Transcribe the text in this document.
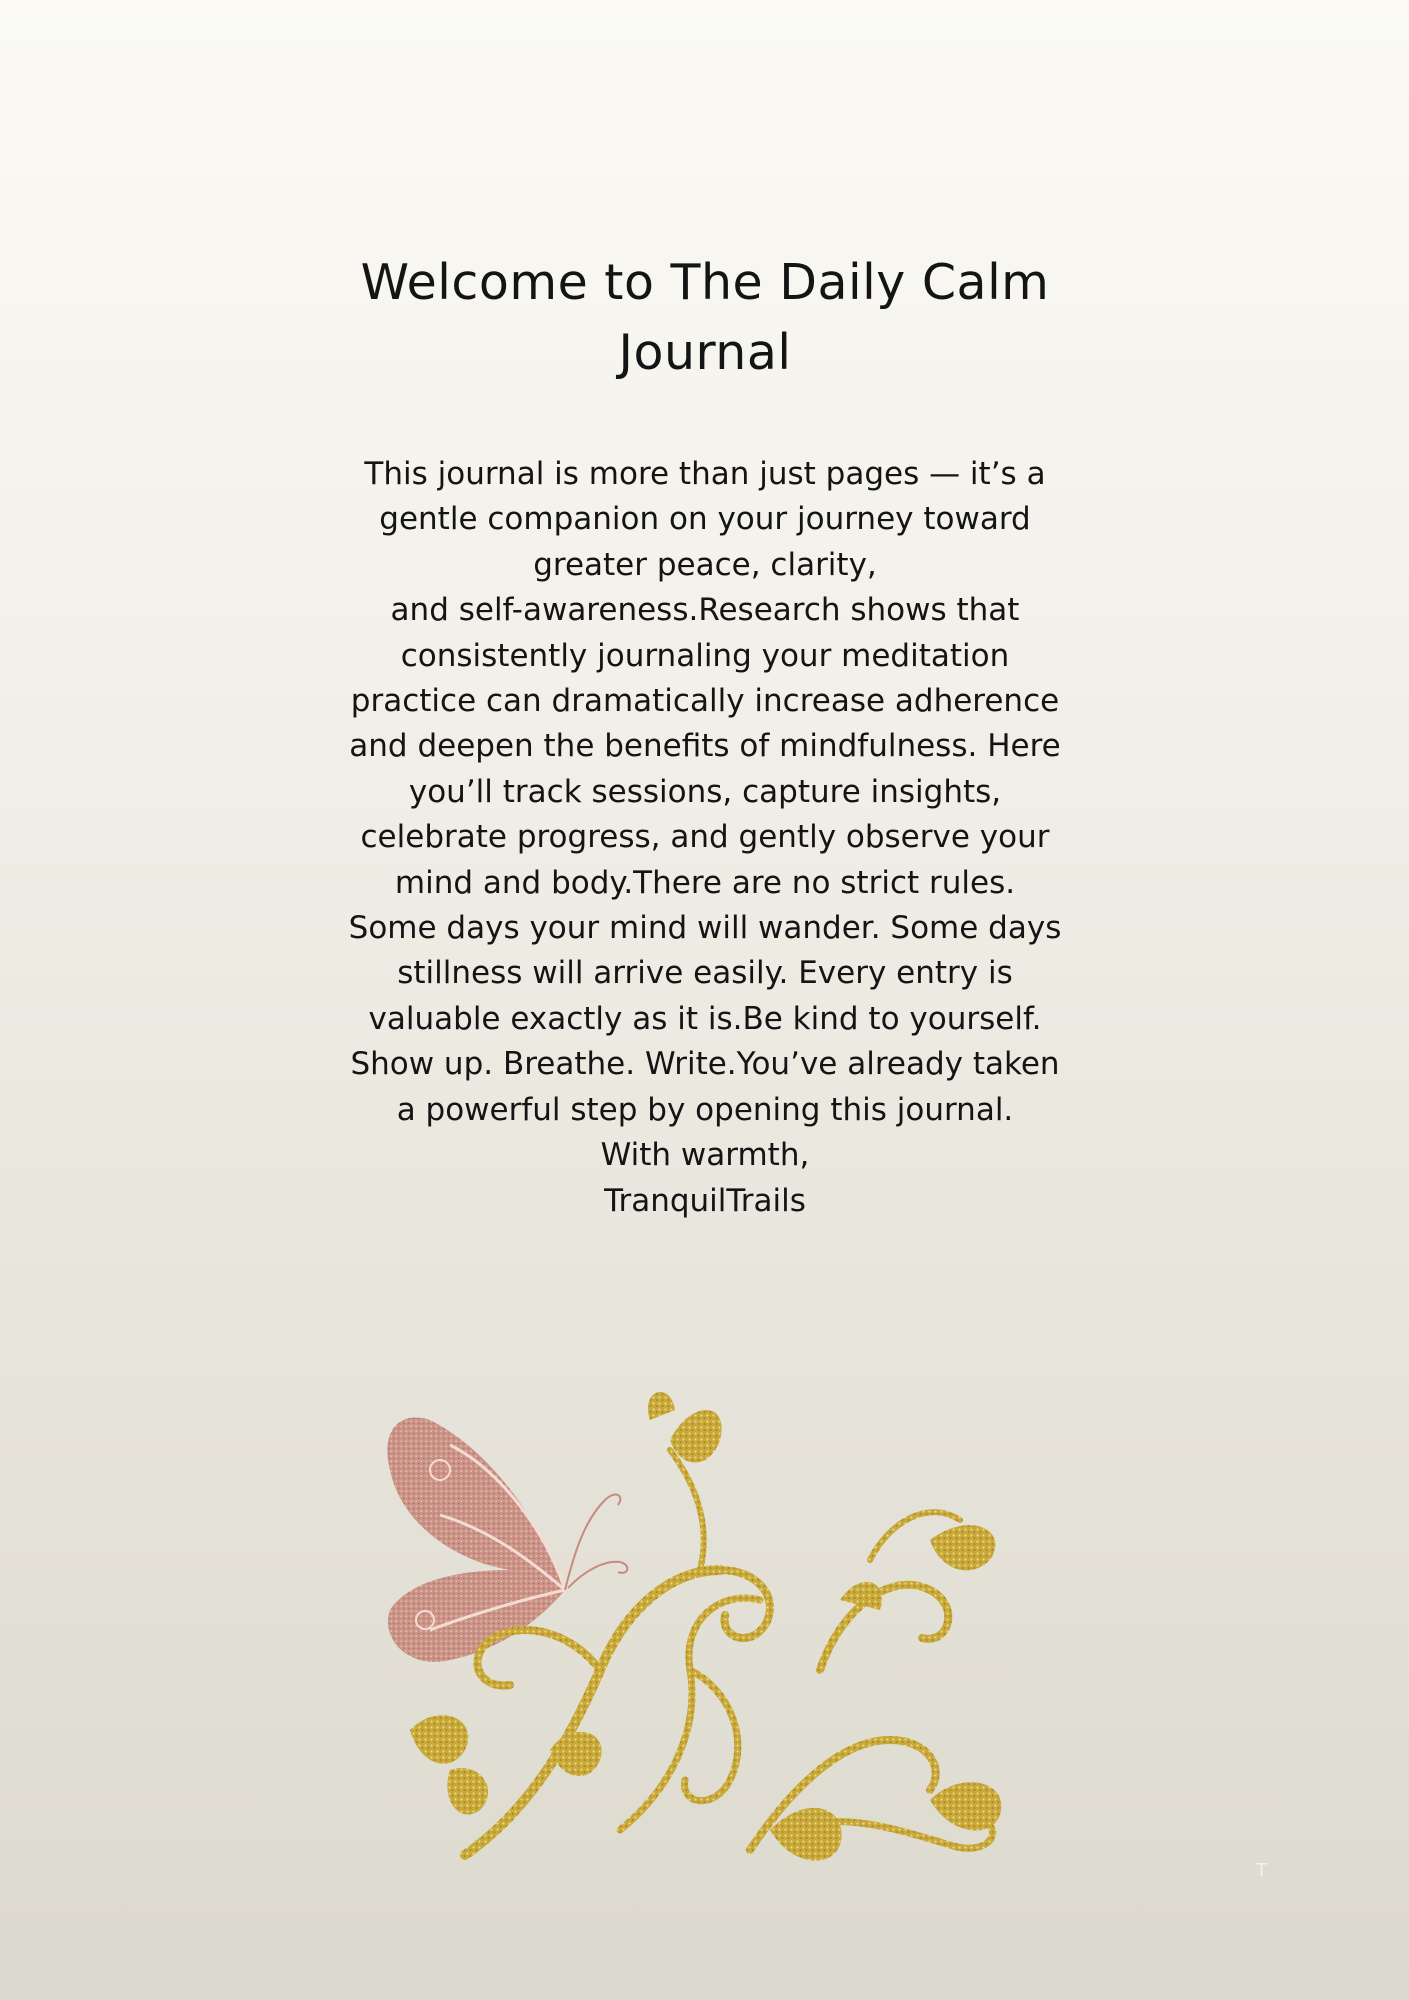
Welcome to The Daily Calm Journal
This journal is more than just pages — it’s a
gentle companion on your journey toward
greater peace, clarity,
and self-awareness.Research shows that
consistently journaling your meditation
practice can dramatically increase adherence
and deepen the benefits of mindfulness. Here
you’ll track sessions, capture insights,
celebrate progress, and gently observe your
mind and body.There are no strict rules.
Some days your mind will wander. Some days
stillness will arrive easily. Every entry is
valuable exactly as it is.Be kind to yourself.
Show up. Breathe. Write.You’ve already taken
a powerful step by opening this journal.
With warmth,
TranquilTrails
T
